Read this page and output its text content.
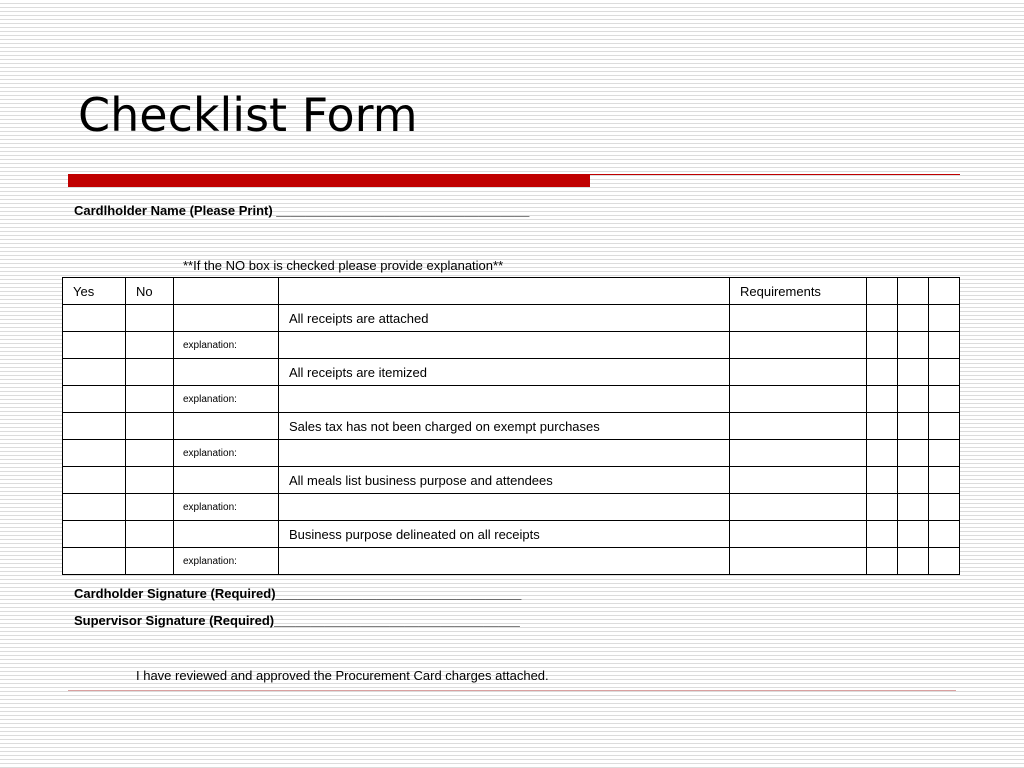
Checklist Form
Cardlholder Name (Please Print) ___________________________________
**If the NO box is checked please provide explanation**
Yes	No			Requirements			
			All receipts are attached				
		explanation:					
			All receipts are itemized				
		explanation:					
			Sales tax has not been charged on exempt purchases				
		explanation:					
			All meals list business purpose and attendees				
		explanation:					
			Business purpose delineated on all receipts				
		explanation:					
Cardholder Signature (Required)__________________________________
Supervisor Signature (Required)__________________________________
I have reviewed and approved the Procurement Card charges attached.
